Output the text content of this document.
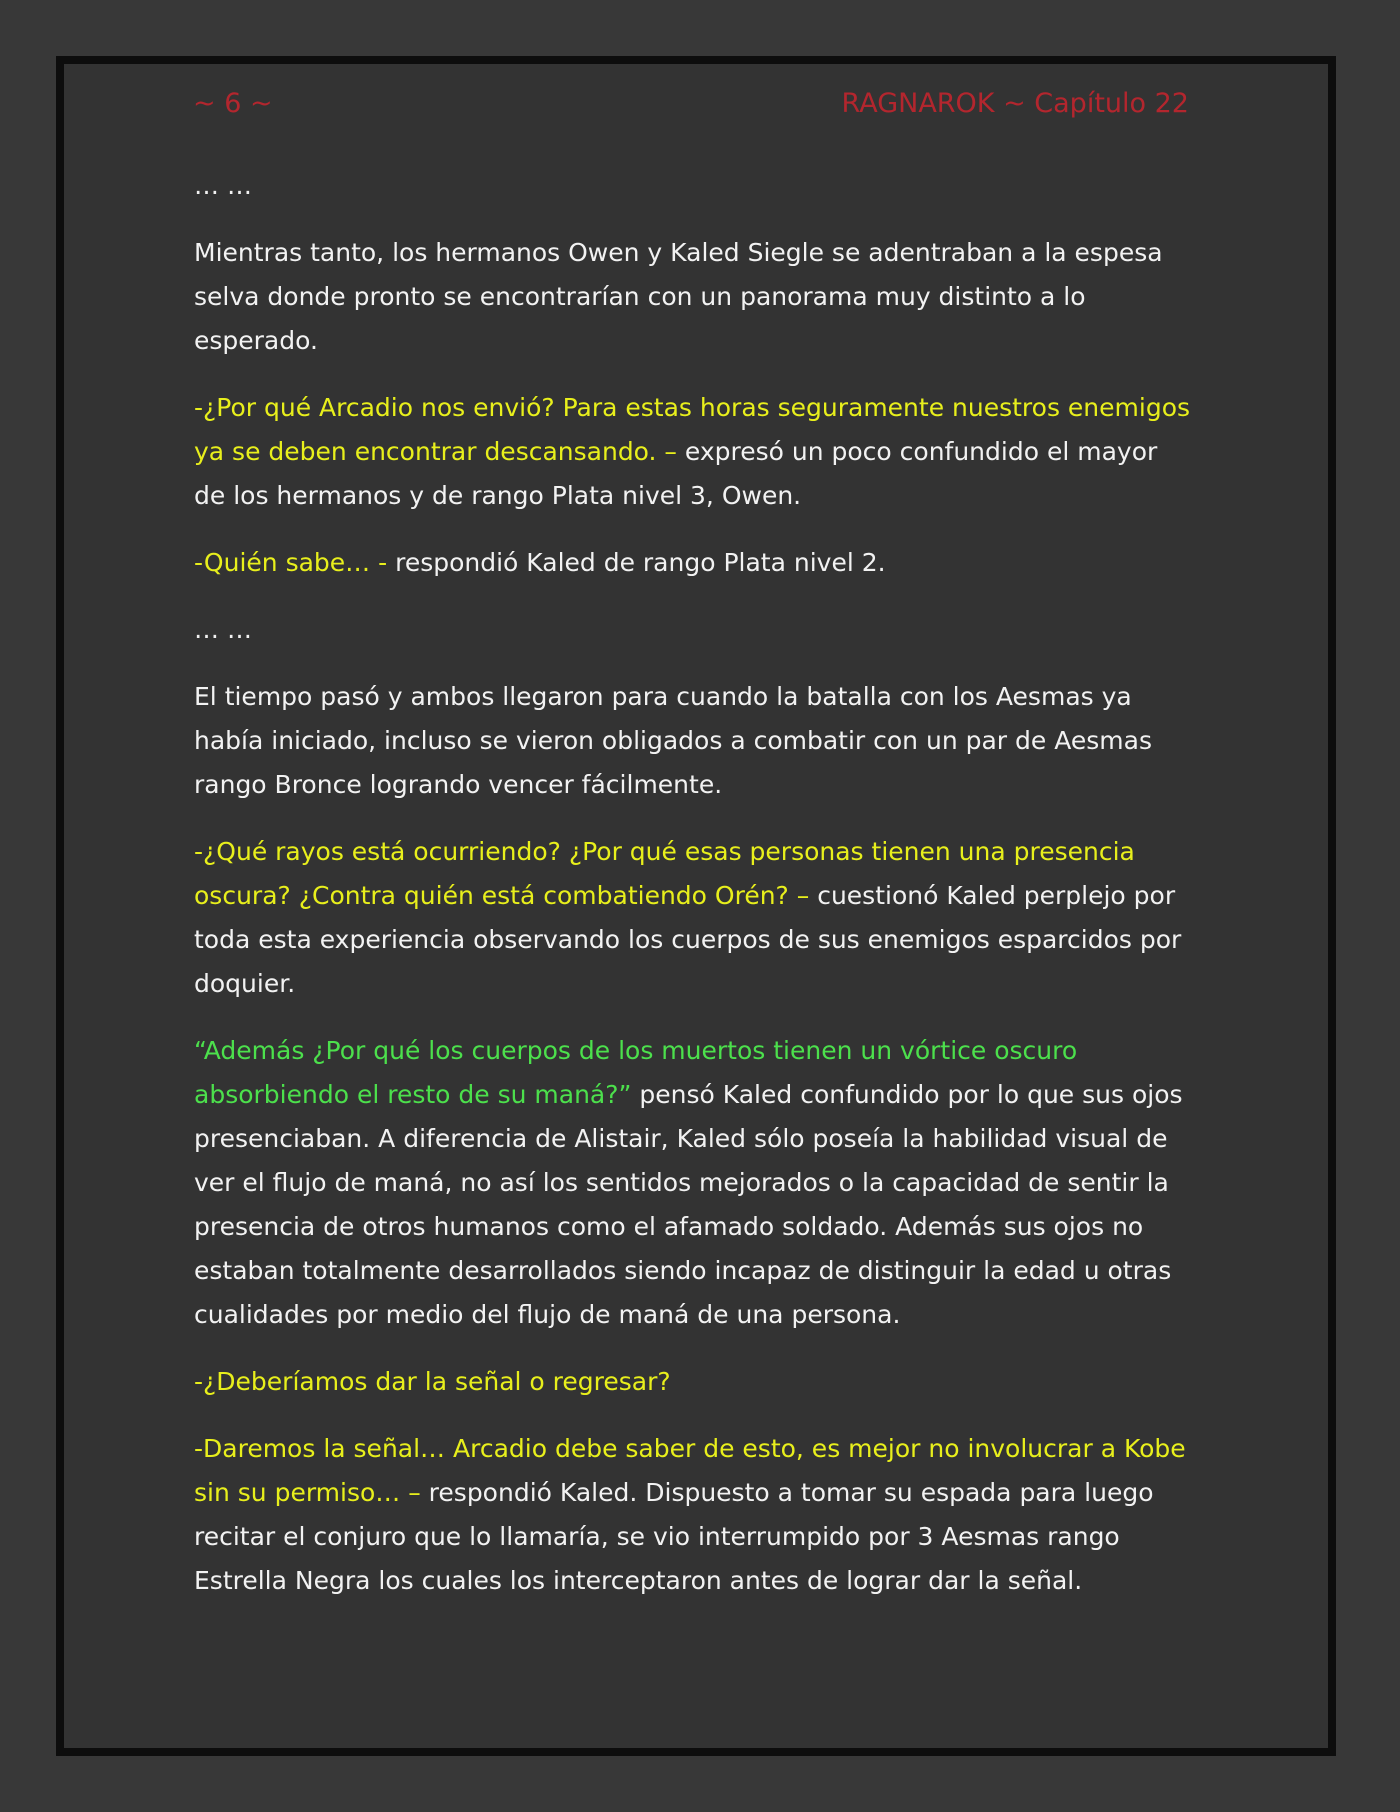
~ 6 ~	RAGNAROK ~ Capítulo 22

… …

Mientras tanto, los hermanos Owen y Kaled Siegle se adentraban a la espesa selva donde pronto se encontrarían con un panorama muy distinto a lo esperado.

-¿Por qué Arcadio nos envió? Para estas horas seguramente nuestros enemigos ya se deben encontrar descansando. – expresó un poco confundido el mayor de los hermanos y de rango Plata nivel 3, Owen.

-Quién sabe… - respondió Kaled de rango Plata nivel 2.

… …

El tiempo pasó y ambos llegaron para cuando la batalla con los Aesmas ya había iniciado, incluso se vieron obligados a combatir con un par de Aesmas rango Bronce logrando vencer fácilmente.

-¿Qué rayos está ocurriendo? ¿Por qué esas personas tienen una presencia oscura? ¿Contra quién está combatiendo Orén? – cuestionó Kaled perplejo por toda esta experiencia observando los cuerpos de sus enemigos esparcidos por doquier.

“Además ¿Por qué los cuerpos de los muertos tienen un vórtice oscuro absorbiendo el resto de su maná?” pensó Kaled confundido por lo que sus ojos presenciaban. A diferencia de Alistair, Kaled sólo poseía la habilidad visual de ver el flujo de maná, no así los sentidos mejorados o la capacidad de sentir la presencia de otros humanos como el afamado soldado. Además sus ojos no estaban totalmente desarrollados siendo incapaz de distinguir la edad u otras cualidades por medio del flujo de maná de una persona.

-¿Deberíamos dar la señal o regresar?

-Daremos la señal… Arcadio debe saber de esto, es mejor no involucrar a Kobe sin su permiso… – respondió Kaled. Dispuesto a tomar su espada para luego recitar el conjuro que lo llamaría, se vio interrumpido por 3 Aesmas rango Estrella Negra los cuales los interceptaron antes de lograr dar la señal.
